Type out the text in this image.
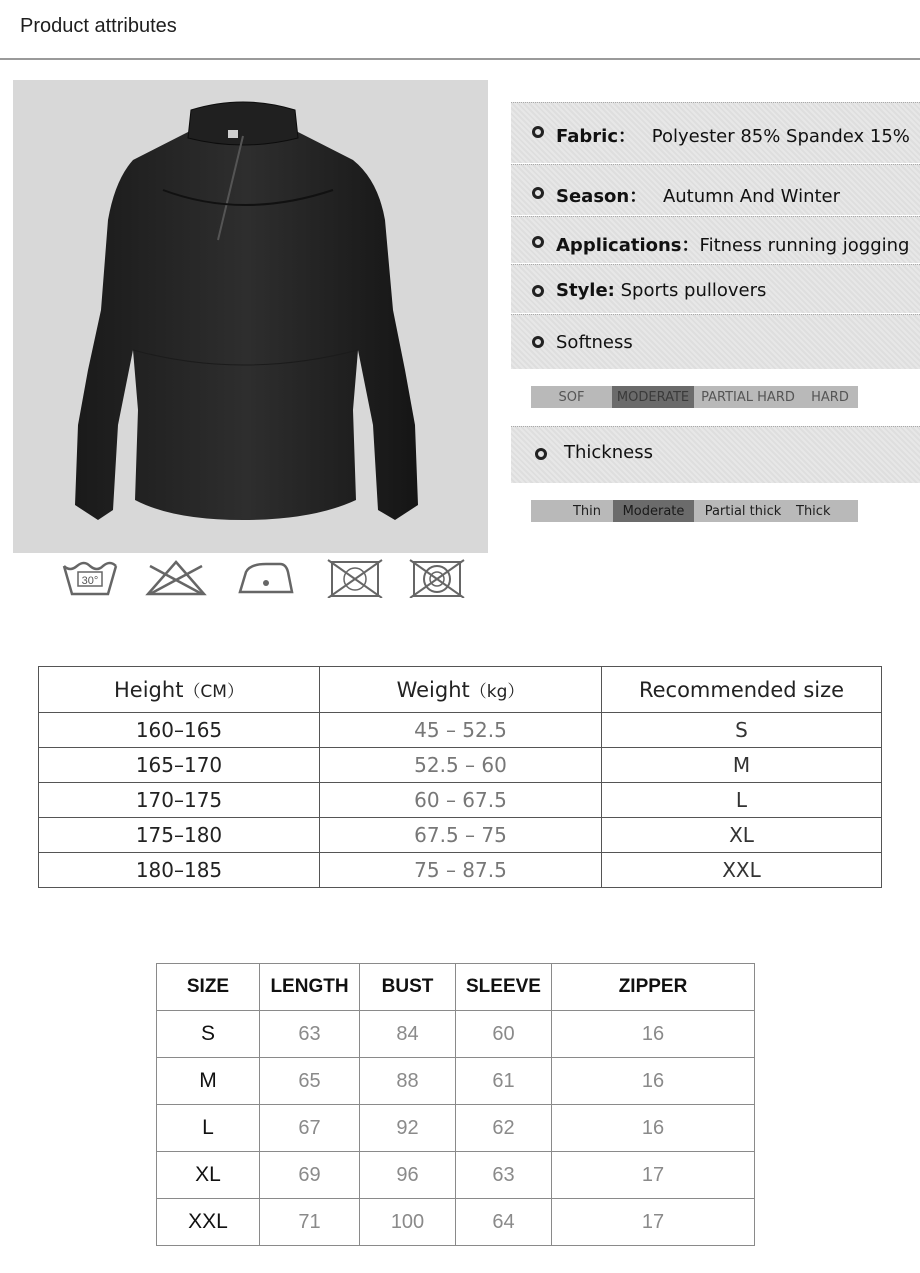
Product attributes
30°
Fabric： Polyester 85% Spandex 15%
Season： Autumn And Winter
Applications：Fitness running jogging
Style: Sports pullovers
Softness
Thickness
SOF	MODERATE PARTIAL HARD	HARD
Thin	Moderate	Partial thick	Thick
Height（CM）	Weight（kg）	Recommended size
160–165	45 – 52.5	S
165–170	52.5 – 60	M
170–175	60 – 67.5	L
175–180	67.5 – 75	XL
180–185	75 – 87.5	XXL
SIZE	LENGTH	BUST	SLEEVE	ZIPPER
S	63	84	60	16
M	65	88	61	16
L	67	92	62	16
XL	69	96	63	17
XXL	71	100	64	17
